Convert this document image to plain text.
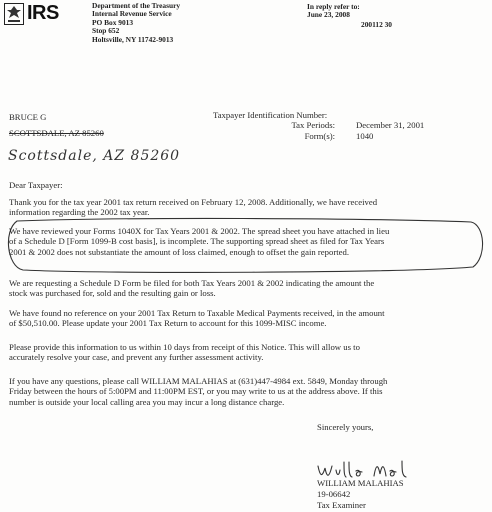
IRS	Department of the Treasury
Internal Revenue Service
PO Box 9013
Stop 652
Holtsville, NY 11742-9013
In reply refer to:
June 23, 2008
200112 30
BRUCE G
SCOTTSDALE, AZ 85260
Scottsdale, AZ 85260
Taxpayer Identification Number:
Tax Periods: December 31, 2001
Form(s): 1040
Dear Taxpayer:
Thank you for the tax year 2001 tax return received on February 12, 2008. Additionally, we have received
information regarding the 2002 tax year.
We have reviewed your Forms 1040X for Tax Years 2001 & 2002. The spread sheet you have attached in lieu
of a Schedule D [Form 1099-B cost basis], is incomplete. The supporting spread sheet as filed for Tax Years
2001 & 2002 does not substantiate the amount of loss claimed, enough to offset the gain reported.
We are requesting a Schedule D Form be filed for both Tax Years 2001 & 2002 indicating the amount the
stock was purchased for, sold and the resulting gain or loss.
We have found no reference on your 2001 Tax Return to Taxable Medical Payments received, in the amount
of $50,510.00. Please update your 2001 Tax Return to account for this 1099-MISC income.
Please provide this information to us within 10 days from receipt of this Notice. This will allow us to
accurately resolve your case, and prevent any further assessment activity.
If you have any questions, please call WILLIAM MALAHIAS at (631)447-4984 ext. 5849, Monday through
Friday between the hours of 5:00PM and 11:00PM EST, or you may write to us at the address above. If this
number is outside your local calling area you may incur a long distance charge.
Sincerely yours,
WILLIAM MALAHIAS
19-06642
Tax Examiner
